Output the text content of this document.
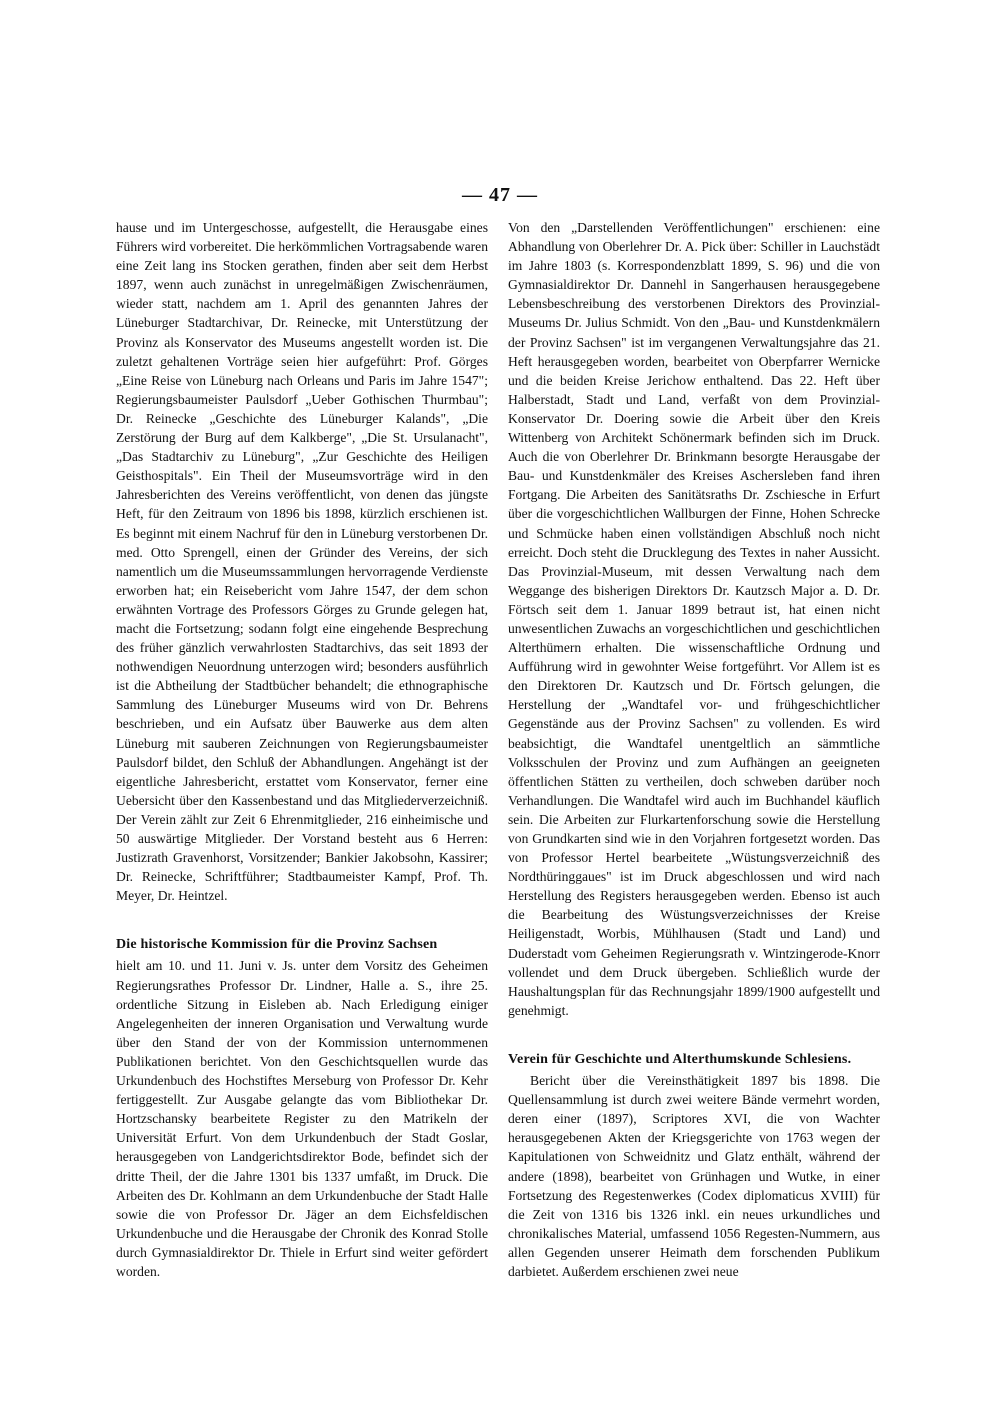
— 47 —

hause und im Untergeschosse, aufgestellt, die Herausgabe eines Führers wird vorbereitet. Die herkömmlichen Vortragsabende waren eine Zeit lang ins Stocken gerathen, finden aber seit dem Herbst 1897, wenn auch zunächst in unregelmäßigen Zwischenräumen, wieder statt, nachdem am 1. April des genannten Jahres der Lüneburger Stadtarchivar, Dr. Reinecke, mit Unterstützung der Provinz als Konservator des Museums angestellt worden ist. Die zuletzt gehaltenen Vorträge seien hier aufgeführt: Prof. Görges „Eine Reise von Lüneburg nach Orleans und Paris im Jahre 1547"; Regierungsbaumeister Paulsdorf „Ueber Gothischen Thurmbau"; Dr. Reinecke „Geschichte des Lüneburger Kalands", „Die Zerstörung der Burg auf dem Kalkberge", „Die St. Ursulanacht", „Das Stadtarchiv zu Lüneburg", „Zur Geschichte des Heiligen Geisthospitals". Ein Theil der Museumsvorträge wird in den Jahresberichten des Vereins veröffentlicht, von denen das jüngste Heft, für den Zeitraum von 1896 bis 1898, kürzlich erschienen ist. Es beginnt mit einem Nachruf für den in Lüneburg verstorbenen Dr. med. Otto Sprengell, einen der Gründer des Vereins, der sich namentlich um die Museumssammlungen hervorragende Verdienste erworben hat; ein Reisebericht vom Jahre 1547, der dem schon erwähnten Vortrage des Professors Görges zu Grunde gelegen hat, macht die Fortsetzung; sodann folgt eine eingehende Besprechung des früher gänzlich verwahrlosten Stadtarchivs, das seit 1893 der nothwendigen Neuordnung unterzogen wird; besonders ausführlich ist die Abtheilung der Stadtbücher behandelt; die ethnographische Sammlung des Lüneburger Museums wird von Dr. Behrens beschrieben, und ein Aufsatz über Bauwerke aus dem alten Lüneburg mit sauberen Zeichnungen von Regierungsbaumeister Paulsdorf bildet, den Schluß der Abhandlungen. Angehängt ist der eigentliche Jahresbericht, erstattet vom Konservator, ferner eine Uebersicht über den Kassenbestand und das Mitgliederverzeichniß. Der Verein zählt zur Zeit 6 Ehrenmitglieder, 216 einheimische und 50 auswärtige Mitglieder. Der Vorstand besteht aus 6 Herren: Justizrath Gravenhorst, Vorsitzender; Bankier Jakobsohn, Kassirer; Dr. Reinecke, Schriftführer; Stadtbaumeister Kampf, Prof. Th. Meyer, Dr. Heintzel.

Die historische Kommission für die Provinz Sachsen

hielt am 10. und 11. Juni v. Js. unter dem Vorsitz des Geheimen Regierungsrathes Professor Dr. Lindner, Halle a. S., ihre 25. ordentliche Sitzung in Eisleben ab. Nach Erledigung einiger Angelegenheiten der inneren Organisation und Verwaltung wurde über den Stand der von der Kommission unternommenen Publikationen berichtet. Von den Geschichtsquellen wurde das Urkundenbuch des Hochstiftes Merseburg von Professor Dr. Kehr fertiggestellt. Zur Ausgabe gelangte das vom Bibliothekar Dr. Hortzschansky bearbeitete Register zu den Matrikeln der Universität Erfurt. Von dem Urkundenbuch der Stadt Goslar, herausgegeben von Landgerichtsdirektor Bode, befindet sich der dritte Theil, der die Jahre 1301 bis 1337 umfaßt, im Druck. Die Arbeiten des Dr. Kohlmann an dem Urkundenbuche der Stadt Halle sowie die von Professor Dr. Jäger an dem Eichsfeldischen Urkundenbuche und die Herausgabe der Chronik des Konrad Stolle durch Gymnasialdirektor Dr. Thiele in Erfurt sind weiter gefördert worden.

Von den „Darstellenden Veröffentlichungen" erschienen: eine Abhandlung von Oberlehrer Dr. A. Pick über: Schiller in Lauchstädt im Jahre 1803 (s. Korrespondenzblatt 1899, S. 96) und die von Gymnasialdirektor Dr. Dannehl in Sangerhausen herausgegebene Lebensbeschreibung des verstorbenen Direktors des Provinzial-Museums Dr. Julius Schmidt. Von den „Bau- und Kunstdenkmälern der Provinz Sachsen" ist im vergangenen Verwaltungsjahre das 21. Heft herausgegeben worden, bearbeitet von Oberpfarrer Wernicke und die beiden Kreise Jerichow enthaltend. Das 22. Heft über Halberstadt, Stadt und Land, verfaßt von dem Provinzial-Konservator Dr. Doering sowie die Arbeit über den Kreis Wittenberg von Architekt Schönermark befinden sich im Druck. Auch die von Oberlehrer Dr. Brinkmann besorgte Herausgabe der Bau- und Kunstdenkmäler des Kreises Aschersleben fand ihren Fortgang. Die Arbeiten des Sanitätsraths Dr. Zschiesche in Erfurt über die vorgeschichtlichen Wallburgen der Finne, Hohen Schrecke und Schmücke haben einen vollständigen Abschluß noch nicht erreicht. Doch steht die Drucklegung des Textes in naher Aussicht. Das Provinzial-Museum, mit dessen Verwaltung nach dem Weggange des bisherigen Direktors Dr. Kautzsch Major a. D. Dr. Förtsch seit dem 1. Januar 1899 betraut ist, hat einen nicht unwesentlichen Zuwachs an vorgeschichtlichen und geschichtlichen Alterthümern erhalten. Die wissenschaftliche Ordnung und Aufführung wird in gewohnter Weise fortgeführt. Vor Allem ist es den Direktoren Dr. Kautzsch und Dr. Förtsch gelungen, die Herstellung der „Wandtafel vor- und frühgeschichtlicher Gegenstände aus der Provinz Sachsen" zu vollenden. Es wird beabsichtigt, die Wandtafel unentgeltlich an sämmtliche Volksschulen der Provinz und zum Aufhängen an geeigneten öffentlichen Stätten zu vertheilen, doch schweben darüber noch Verhandlungen. Die Wandtafel wird auch im Buchhandel käuflich sein. Die Arbeiten zur Flurkartenforschung sowie die Herstellung von Grundkarten sind wie in den Vorjahren fortgesetzt worden. Das von Professor Hertel bearbeitete „Wüstungsverzeichniß des Nordthüringgaues" ist im Druck abgeschlossen und wird nach Herstellung des Registers herausgegeben werden. Ebenso ist auch die Bearbeitung des Wüstungsverzeichnisses der Kreise Heiligenstadt, Worbis, Mühlhausen (Stadt und Land) und Duderstadt vom Geheimen Regierungsrath v. Wintzingerode-Knorr vollendet und dem Druck übergeben. Schließlich wurde der Haushaltungsplan für das Rechnungsjahr 1899/1900 aufgestellt und genehmigt.

Verein für Geschichte und Alterthumskunde Schlesiens.

Bericht über die Vereinsthätigkeit 1897 bis 1898. Die Quellensammlung ist durch zwei weitere Bände vermehrt worden, deren einer (1897), Scriptores XVI, die von Wachter herausgegebenen Akten der Kriegsgerichte von 1763 wegen der Kapitulationen von Schweidnitz und Glatz enthält, während der andere (1898), bearbeitet von Grünhagen und Wutke, in einer Fortsetzung des Regestenwerkes (Codex diplomaticus XVIII) für die Zeit von 1316 bis 1326 inkl. ein neues urkundliches und chronikalisches Material, umfassend 1056 Regesten-Nummern, aus allen Gegenden unserer Heimath dem forschenden Publikum darbietet. Außerdem erschienen zwei neue
